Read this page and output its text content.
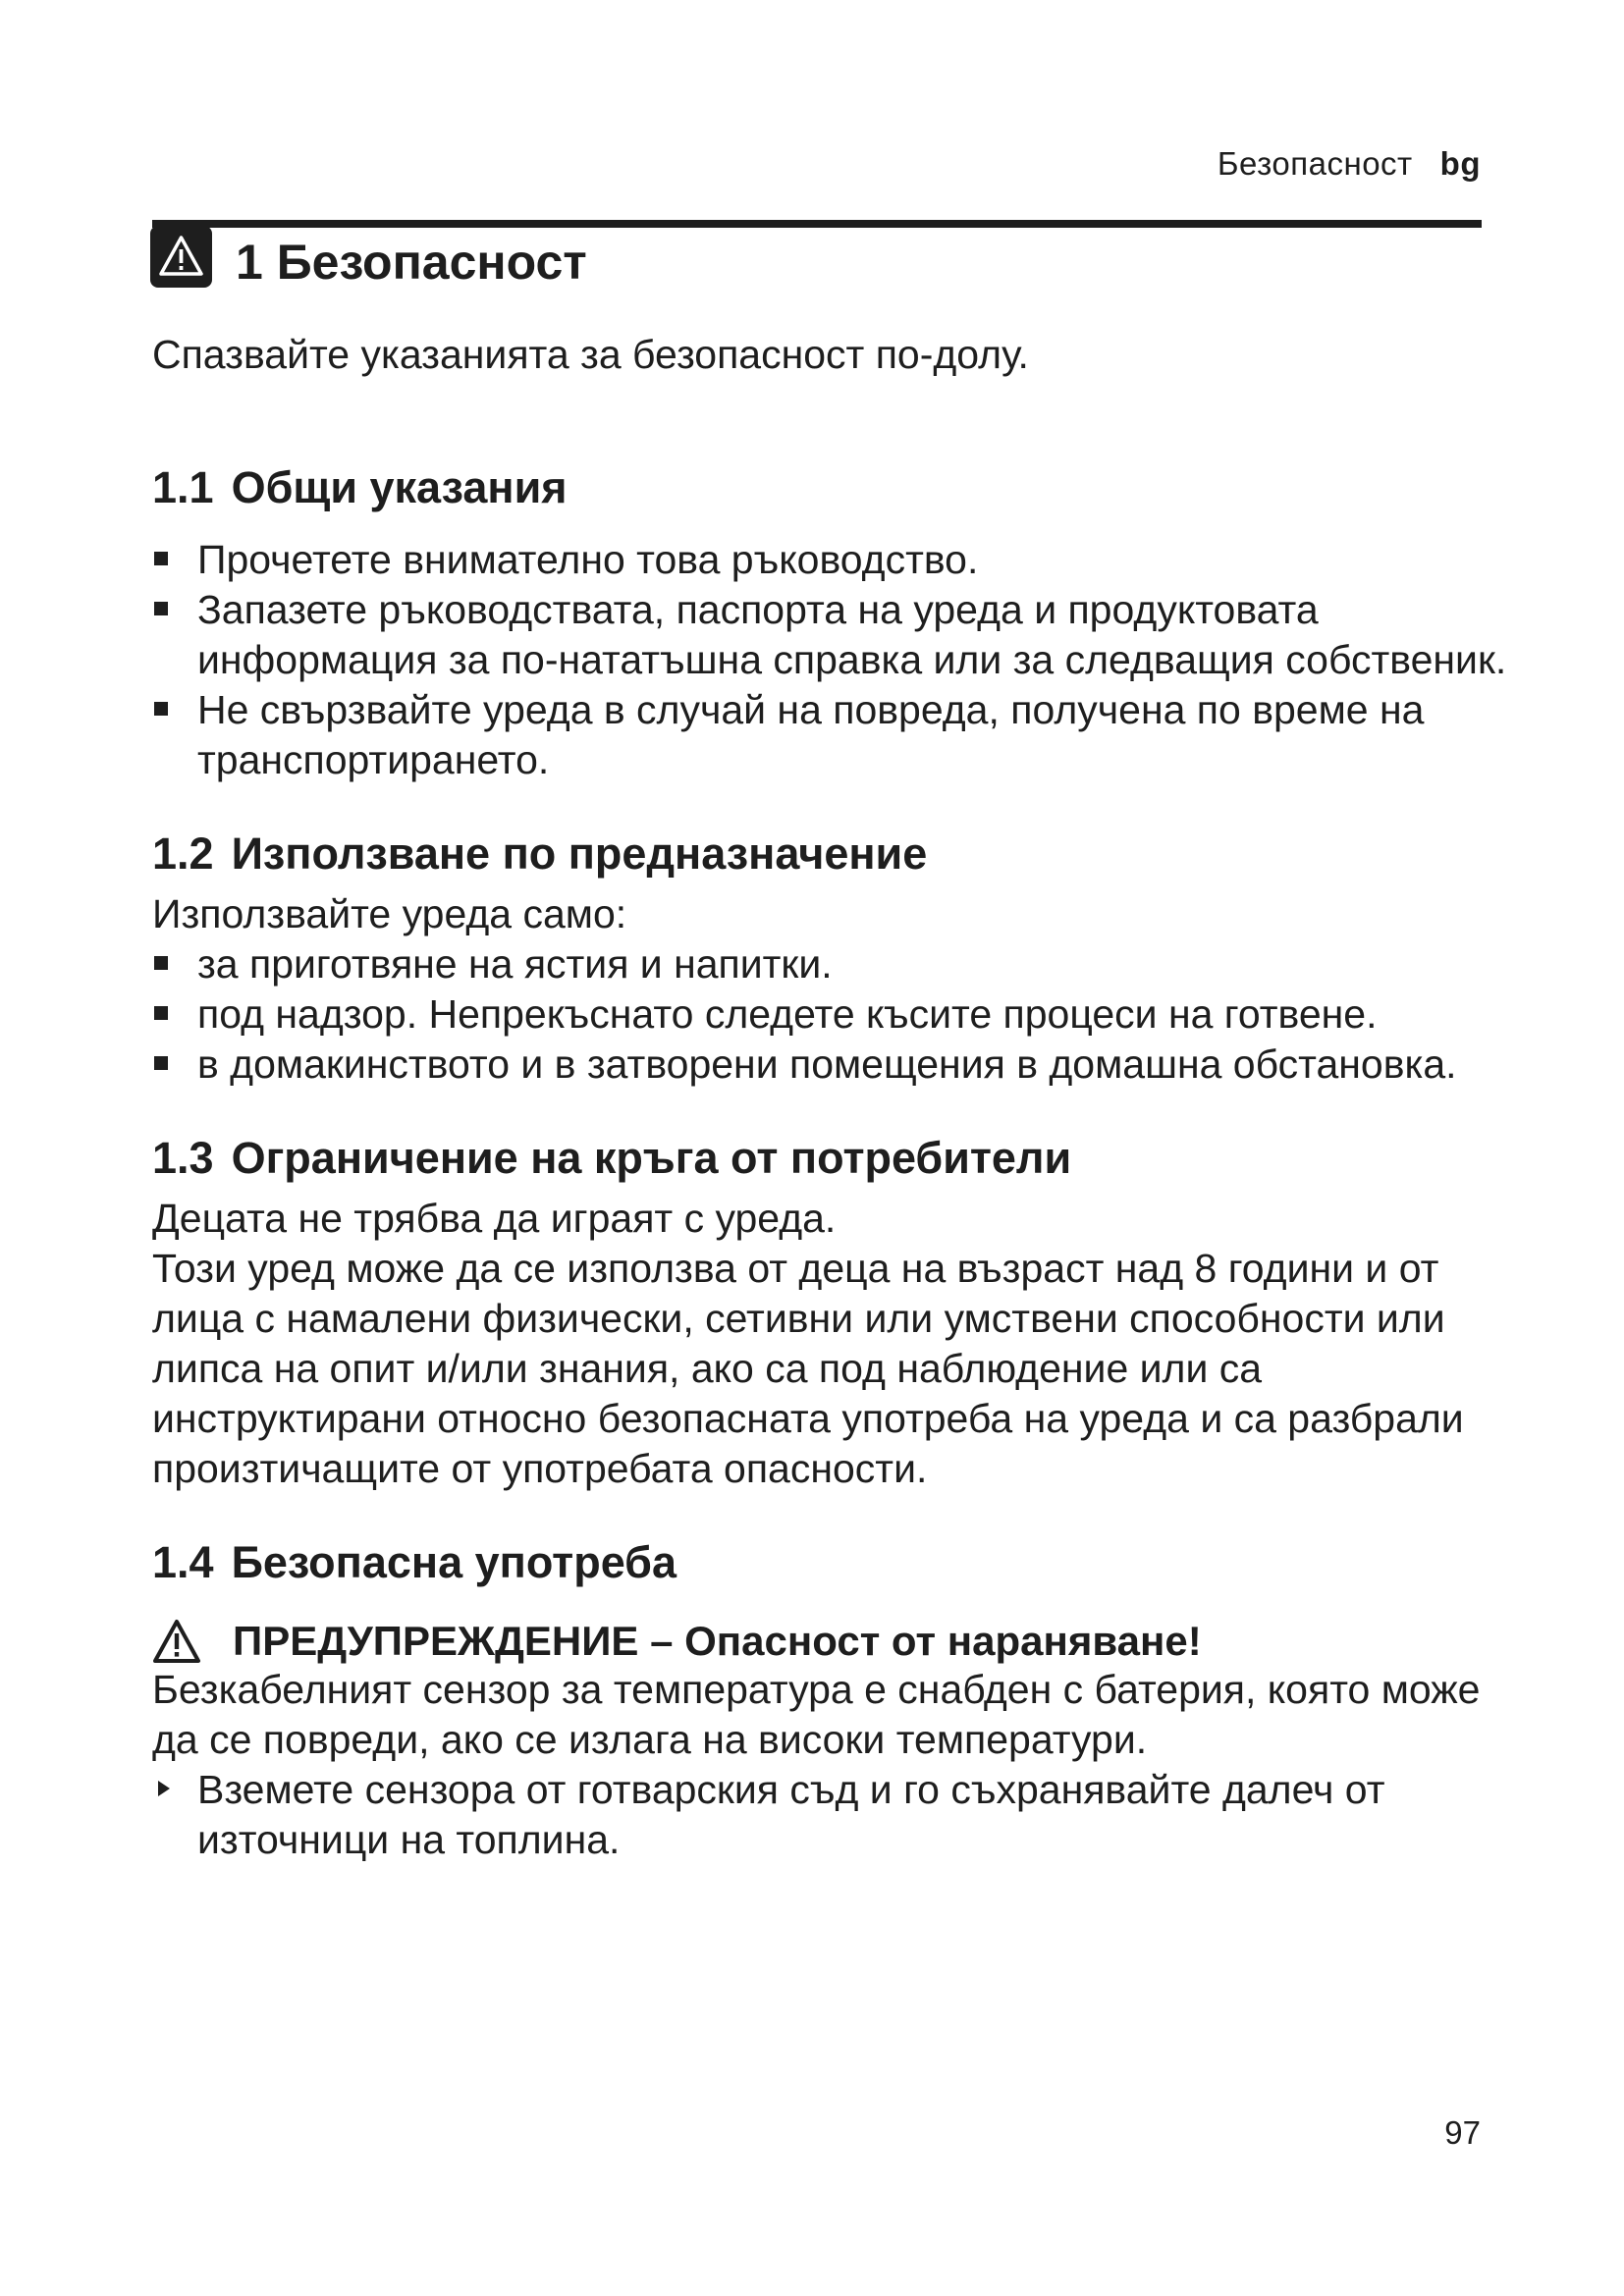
Безопасност bg
1 Безопасност

Спазвайте указанията за безопасност по-долу.

1.1 Общи указания
Прочетете внимателно това ръководство.
Запазете ръководствата, паспорта на уреда и продуктовата информация за по-нататъшна справка или за следващия собственик.
Не свързвайте уреда в случай на повреда, получена по време на транспортирането.
1.2 Използване по предназначение

Използвайте уреда само:

за приготвяне на ястия и напитки.
под надзор. Непрекъснато следете късите процеси на готвене.
в домакинството и в затворени помещения в домашна обстановка.
1.3 Ограничение на кръга от потребители

Децата не трябва да играят с уреда.

Този уред може да се използва от деца на възраст над 8 години и от лица с намалени физически, сетивни или умствени способности или липса на опит и/или знания, ако са под наблюдение или са инструктирани относно безопасната употреба на уреда и са разбрали произтичащите от употребата опасности.

1.4 Безопасна употреба
ПРЕДУПРЕЖДЕНИЕ – Опасност от нараняване!

Безкабелният сензор за температура е снабден с батерия, която може да се повреди, ако се излага на високи температури.

Вземете сензора от готварския съд и го съхранявайте далеч от източници на топлина.
97
